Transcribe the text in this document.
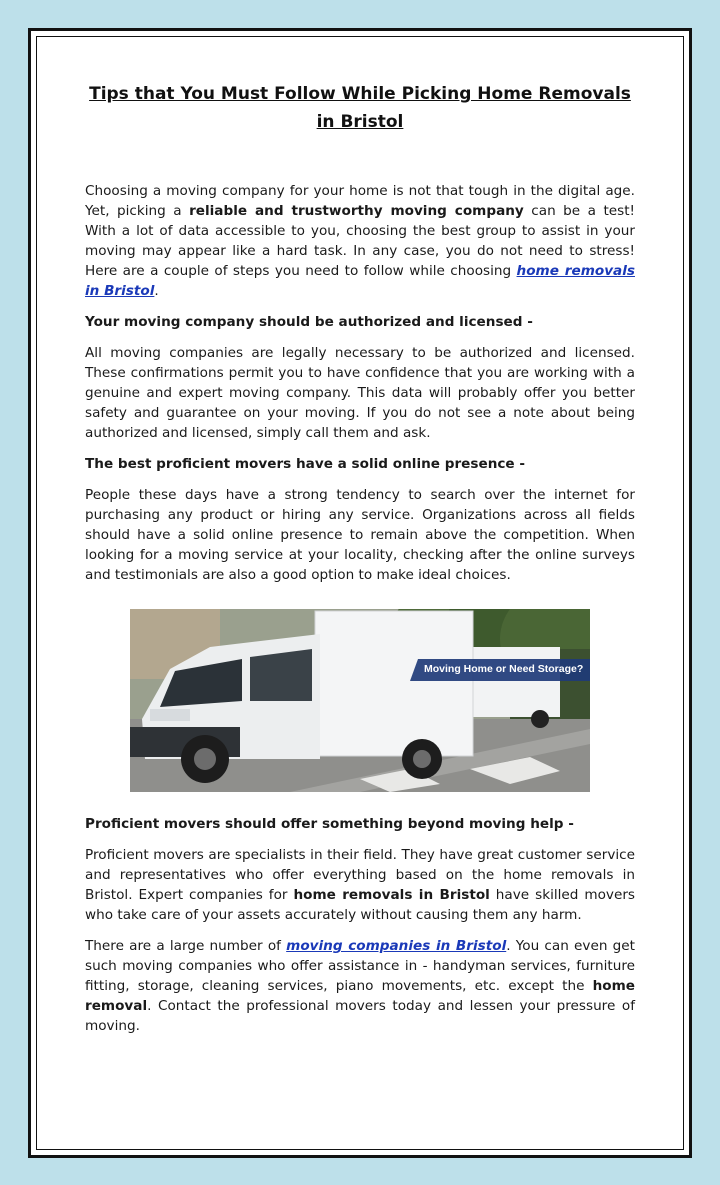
Tips that You Must Follow While Picking Home Removals in Bristol

Choosing a moving company for your home is not that tough in the digital age. Yet, picking a reliable and trustworthy moving company can be a test! With a lot of data accessible to you, choosing the best group to assist in your moving may appear like a hard task. In any case, you do not need to stress! Here are a couple of steps you need to follow while choosing home removals in Bristol.

Your moving company should be authorized and licensed -

All moving companies are legally necessary to be authorized and licensed. These confirmations permit you to have confidence that you are working with a genuine and expert moving company. This data will probably offer you better safety and guarantee on your moving. If you do not see a note about being authorized and licensed, simply call them and ask.

The best proficient movers have a solid online presence -

People these days have a strong tendency to search over the internet for purchasing any product or hiring any service. Organizations across all fields should have a solid online presence to remain above the competition. When looking for a moving service at your locality, checking after the online surveys and testimonials are also a good option to make ideal choices.

Moving Home or Need Storage?

Proficient movers should offer something beyond moving help -

Proficient movers are specialists in their field. They have great customer service and representatives who offer everything based on the home removals in Bristol. Expert companies for home removals in Bristol have skilled movers who take care of your assets accurately without causing them any harm.

There are a large number of moving companies in Bristol. You can even get such moving companies who offer assistance in - handyman services, furniture fitting, storage, cleaning services, piano movements, etc. except the home removal. Contact the professional movers today and lessen your pressure of moving.
